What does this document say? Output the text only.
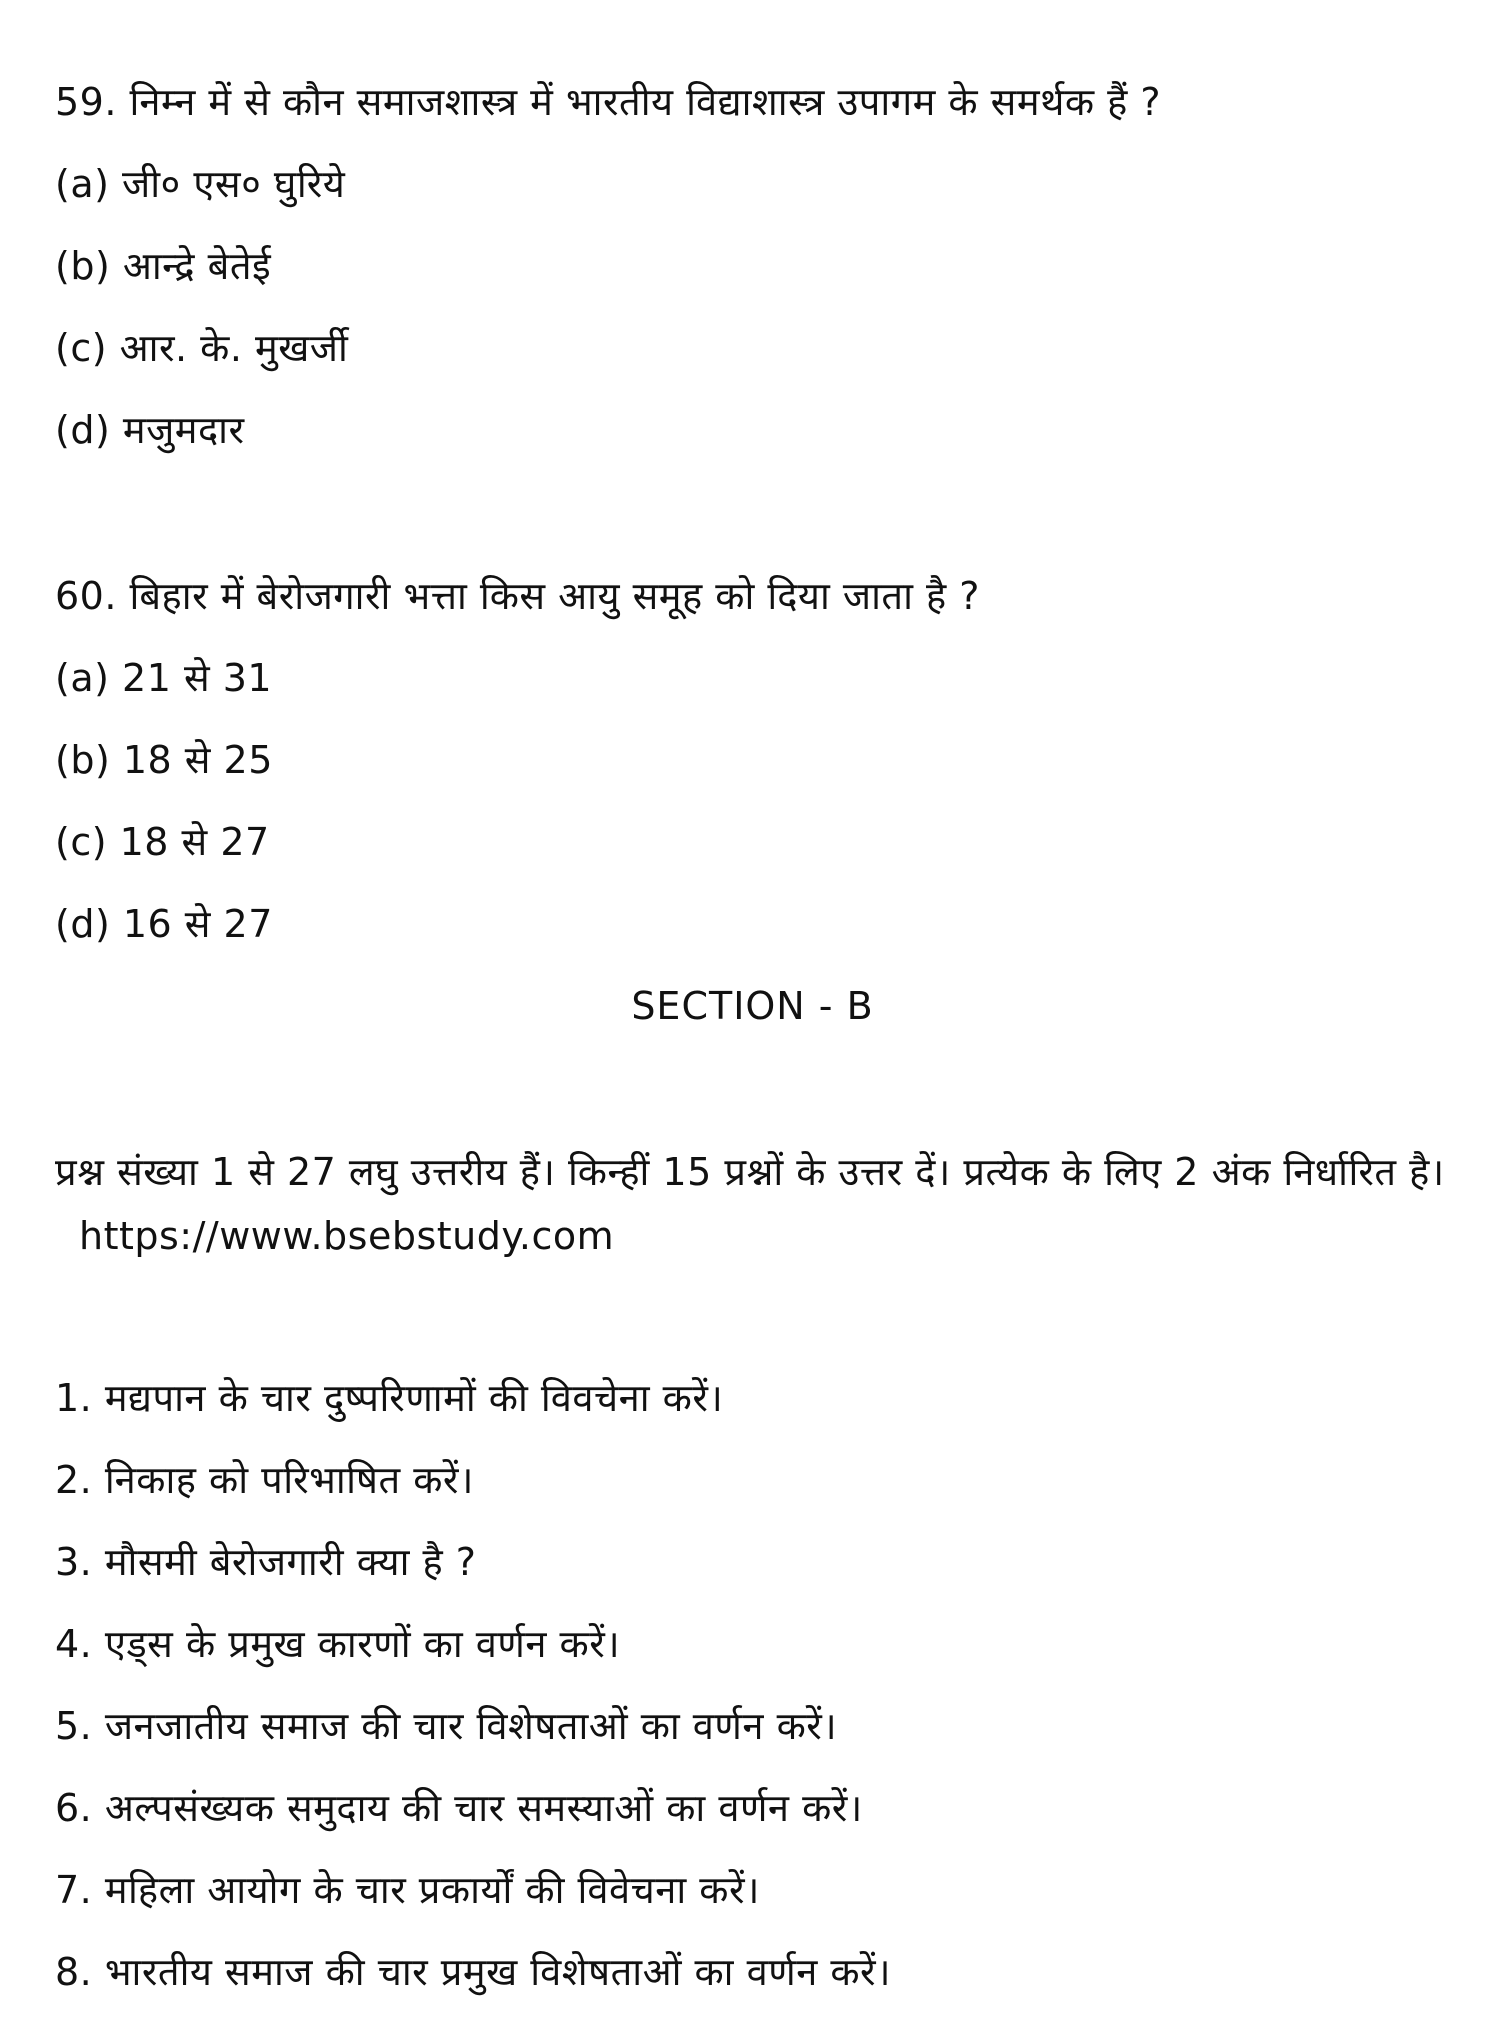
59. निम्न में से कौन समाजशास्त्र में भारतीय विद्याशास्त्र उपागम के समर्थक हैं ?
(a) जी० एस० घुरिये
(b) आन्द्रे बेतेई
(c) आर. के. मुखर्जी
(d) मजुमदार
60. बिहार में बेरोजगारी भत्ता किस आयु समूह को दिया जाता है ?
(a) 21 से 31
(b) 18 से 25
(c) 18 से 27
(d) 16 से 27
SECTION - B
प्रश्न संख्या 1 से 27 लघु उत्तरीय हैं। किन्हीं 15 प्रश्नों के उत्तर दें। प्रत्येक के लिए 2 अंक निर्धारित है।https://www.bsebstudy.com
1. मद्यपान के चार दुष्परिणामों की विवचेना करें।
2. निकाह को परिभाषित करें।
3. मौसमी बेरोजगारी क्या है ?
4. एड्स के प्रमुख कारणों का वर्णन करें।
5. जनजातीय समाज की चार विशेषताओं का वर्णन करें।
6. अल्पसंख्यक समुदाय की चार समस्याओं का वर्णन करें।
7. महिला आयोग के चार प्रकार्यों की विवेचना करें।
8. भारतीय समाज की चार प्रमुख विशेषताओं का वर्णन करें।
